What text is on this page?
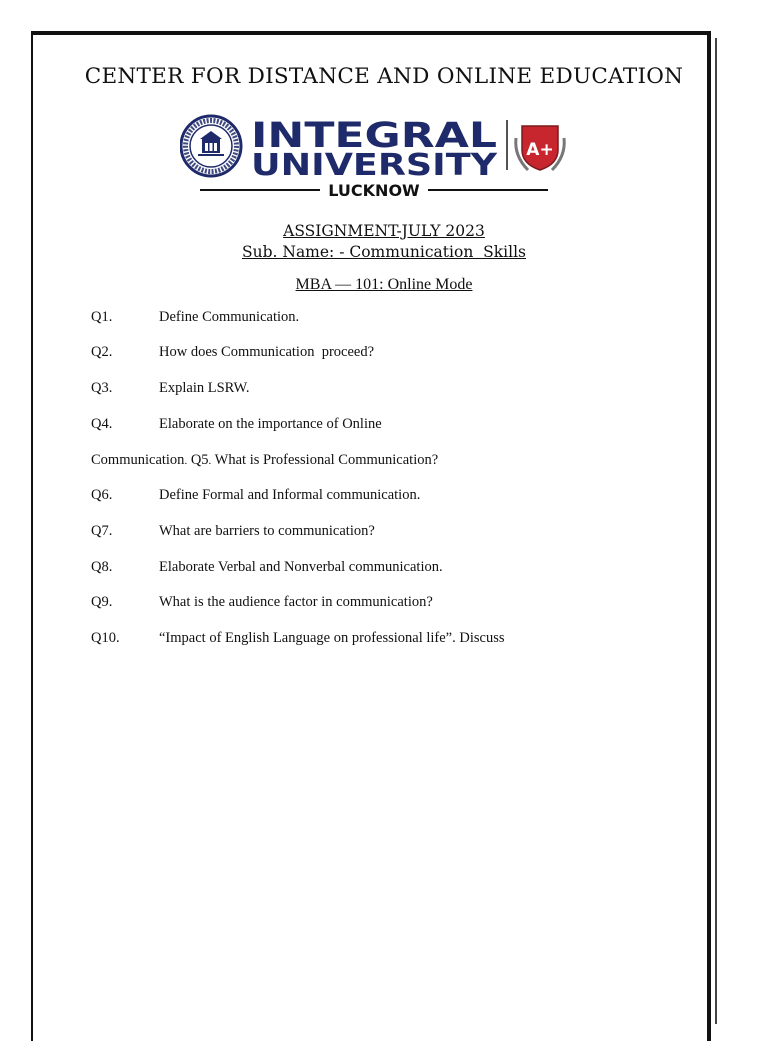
CENTER FOR DISTANCE AND ONLINE EDUCATION
INTEGRAL
UNIVERSITY A+
LUCKNOW
ASSIGNMENT-JULY 2023
Sub. Name: - Communication  Skills
MBA — 101: Online Mode
Q1.	Define Communication.
Q2.	How does Communication  proceed?
Q3.	Explain LSRW.
Q4.	Elaborate on the importance of Online
Communication. Q5. What is Professional Communication?
Q6.	Define Formal and Informal communication.
Q7.	What are barriers to communication?
Q8.	Elaborate Verbal and Nonverbal communication.
Q9.	What is the audience factor in communication?
Q10.	“Impact of English Language on professional life”. Discuss
